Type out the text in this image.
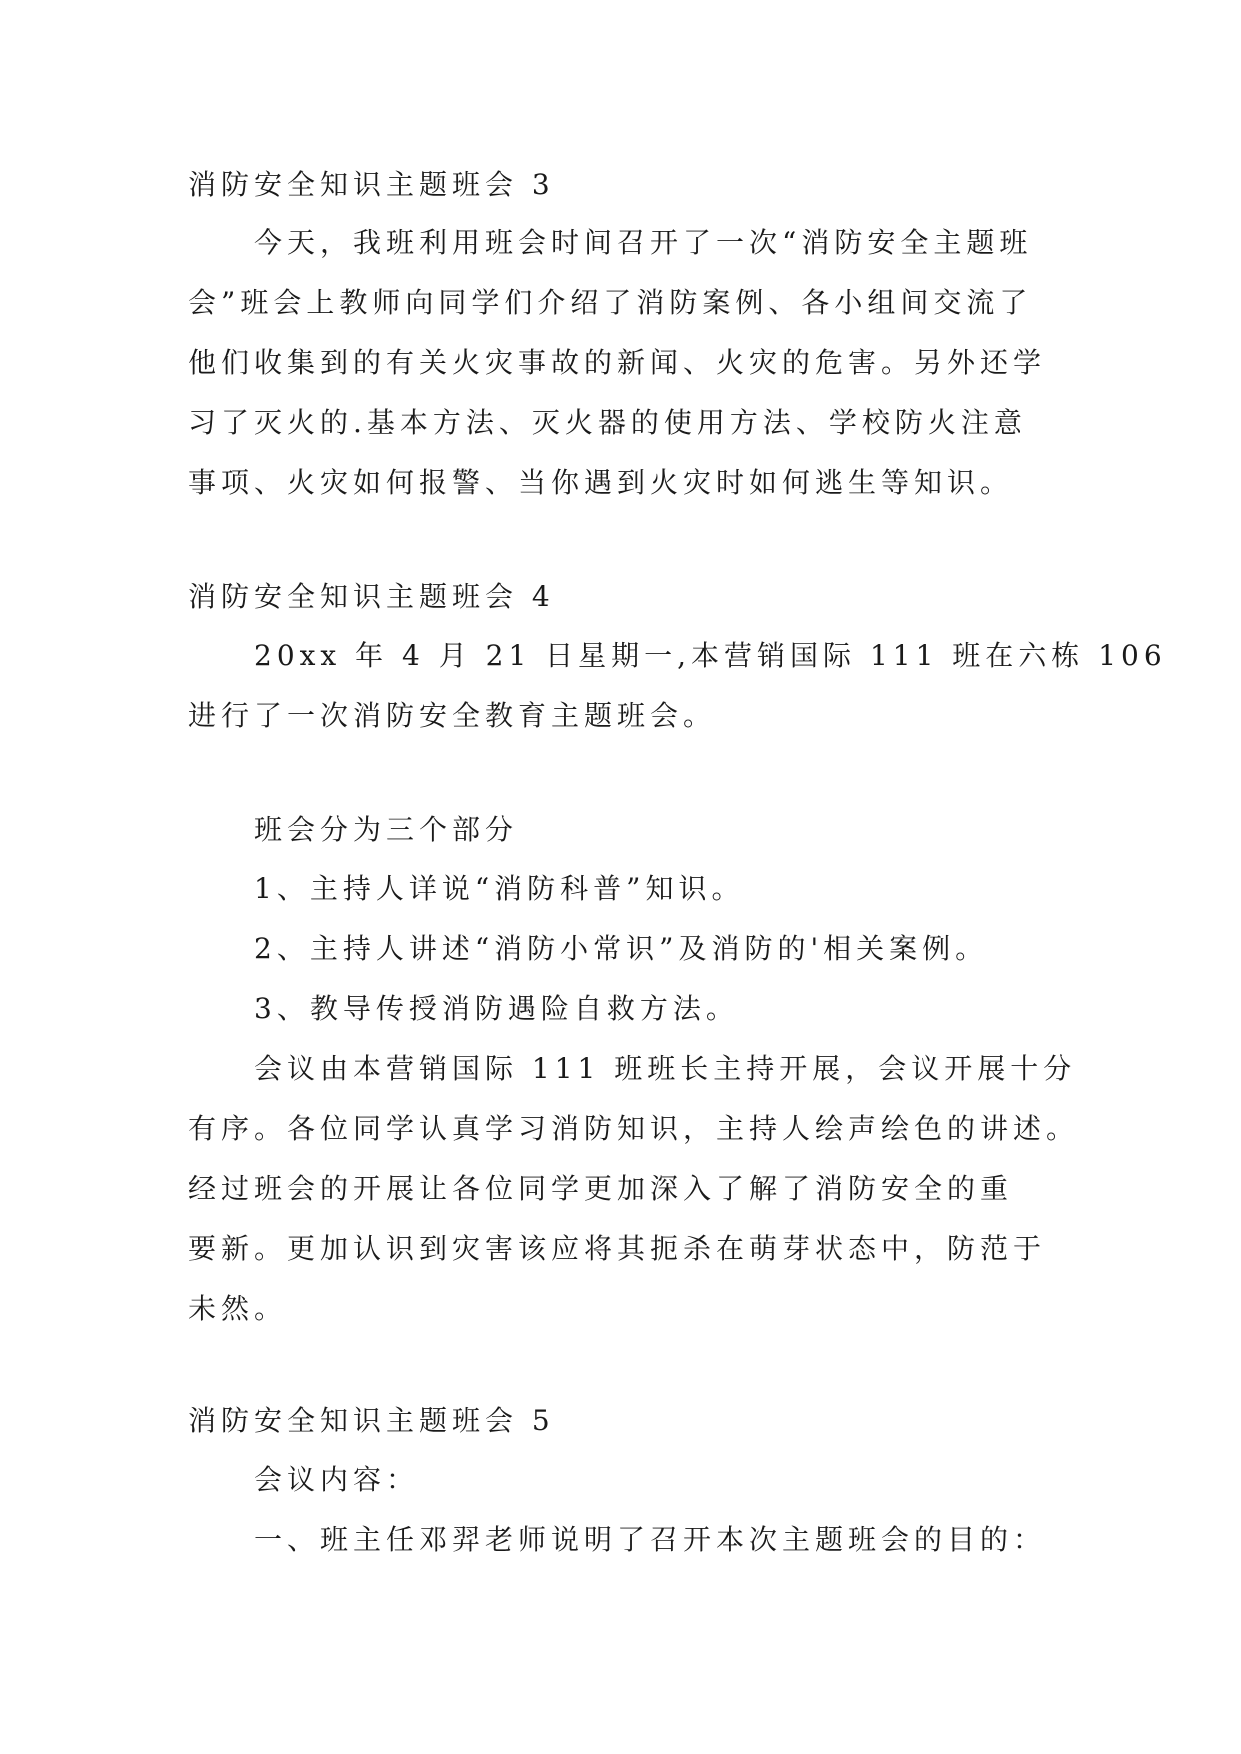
消防安全知识主题班会 3
今天，我班利用班会时间召开了一次“消防安全主题班
会”班会上教师向同学们介绍了消防案例、各小组间交流了
他们收集到的有关火灾事故的新闻、火灾的危害。另外还学
习了灭火的.基本方法、灭火器的使用方法、学校防火注意
事项、火灾如何报警、当你遇到火灾时如何逃生等知识。
消防安全知识主题班会 4
20xx 年 4 月 21 日星期一,本营销国际 111 班在六栋 106
进行了一次消防安全教育主题班会。
班会分为三个部分
1、主持人详说“消防科普”知识。
2、主持人讲述“消防小常识”及消防的'相关案例。
3、教导传授消防遇险自救方法。
会议由本营销国际 111 班班长主持开展，会议开展十分
有序。各位同学认真学习消防知识，主持人绘声绘色的讲述。
经过班会的开展让各位同学更加深入了解了消防安全的重
要新。更加认识到灾害该应将其扼杀在萌芽状态中，防范于
未然。
消防安全知识主题班会 5
会议内容：
一、班主任邓羿老师说明了召开本次主题班会的目的：
